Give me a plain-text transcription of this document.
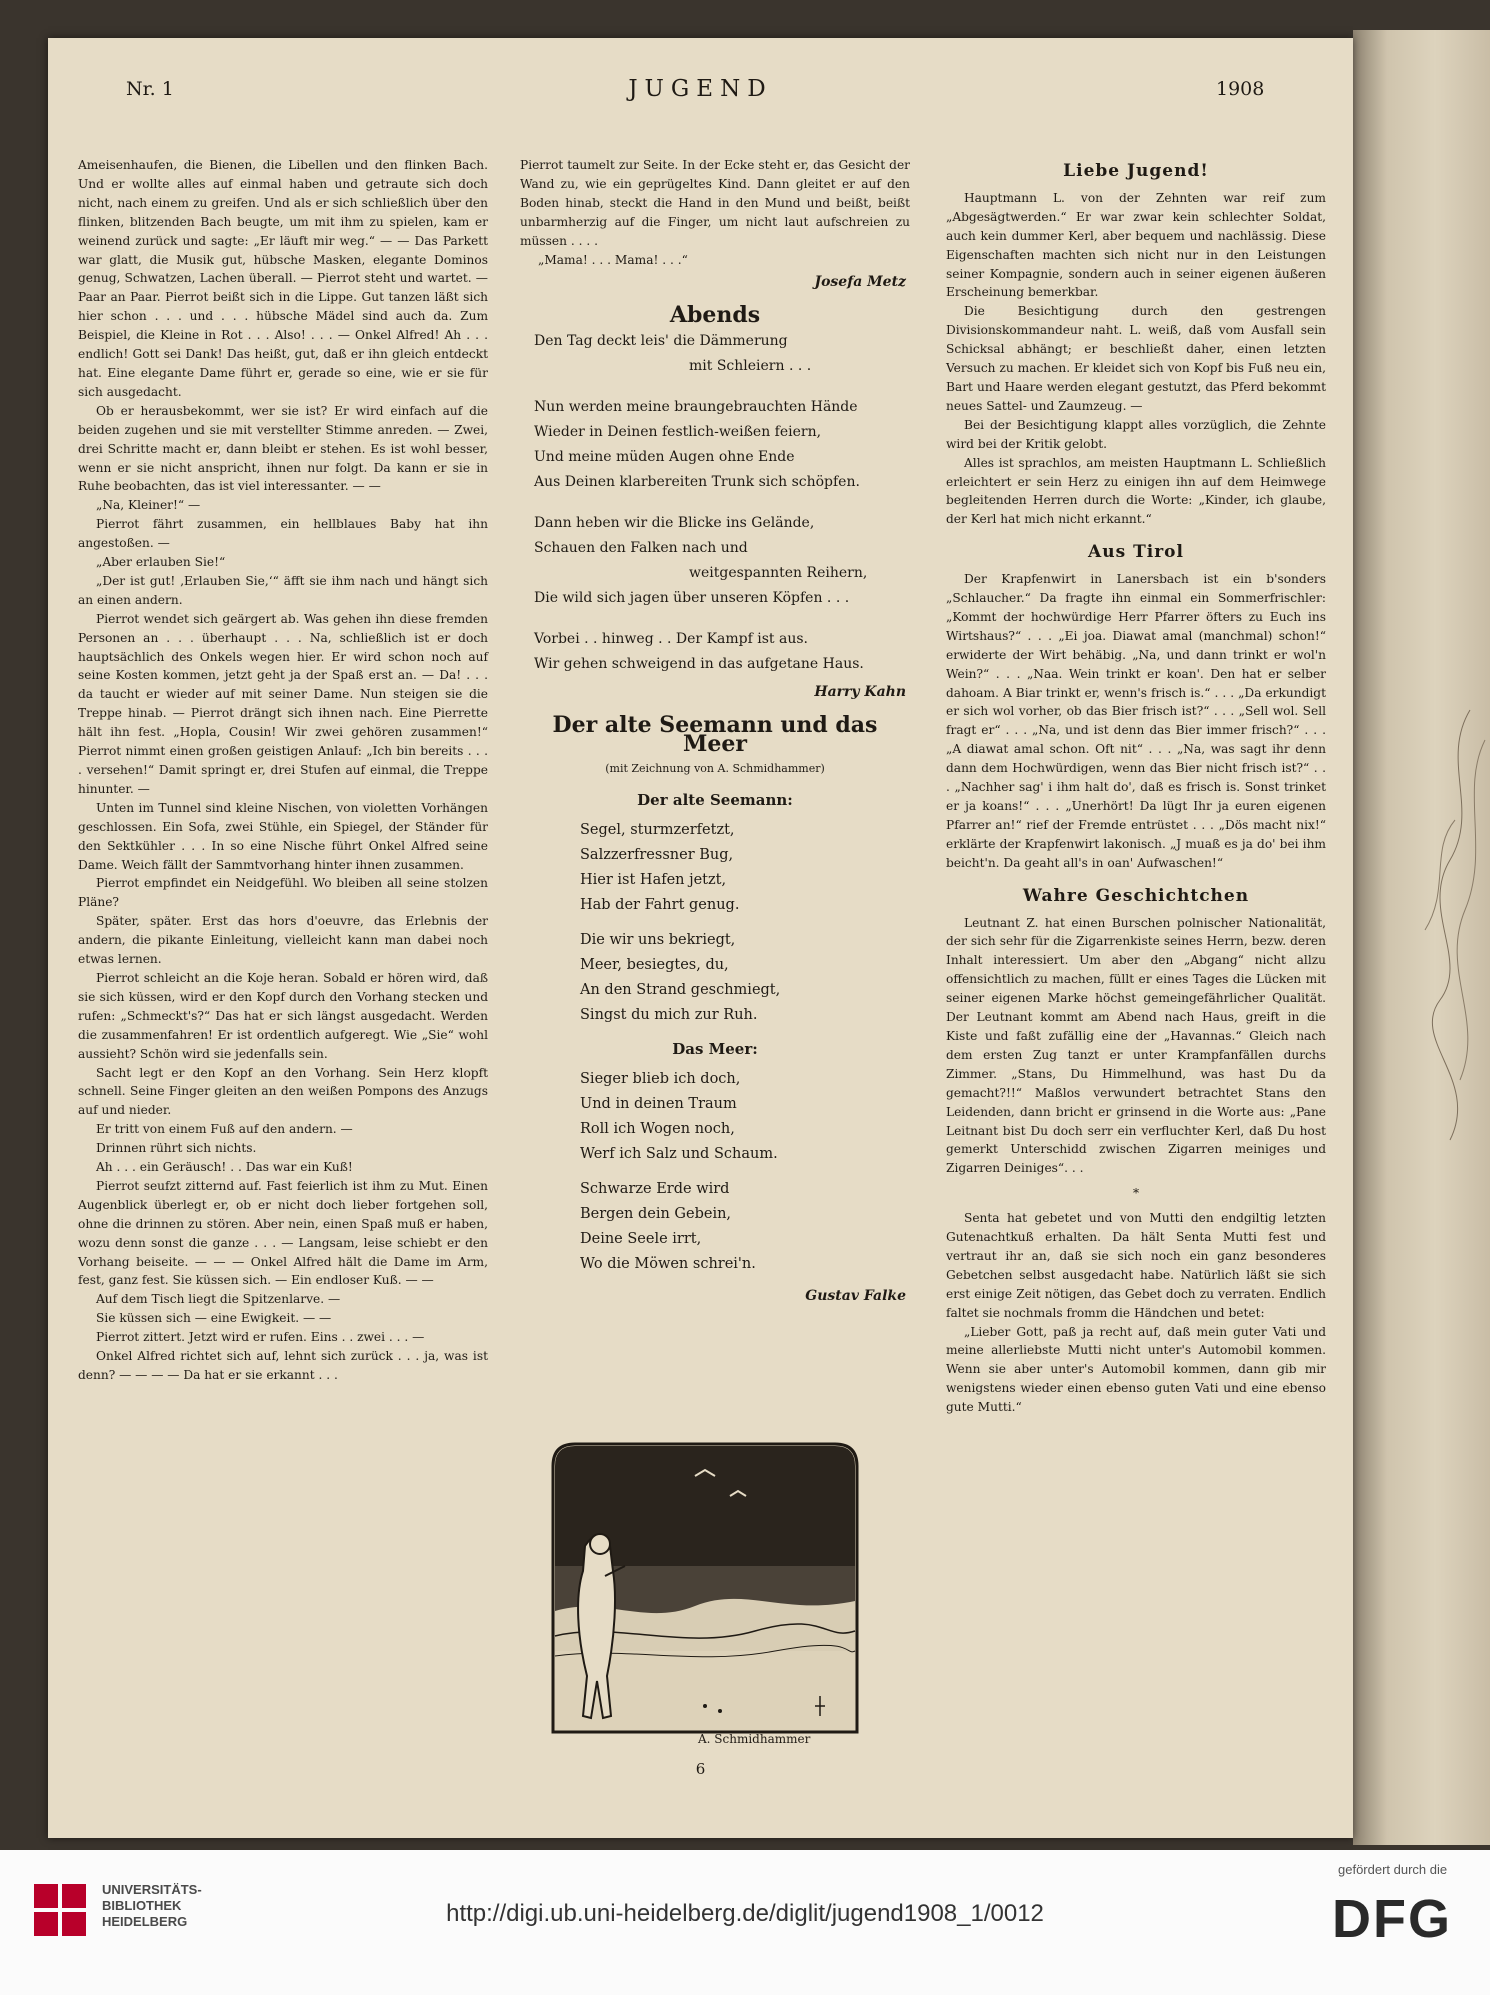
Nr. 1	JUGEND	1908

Ameisenhaufen, die Bienen, die Libellen und den flinken Bach. Und er wollte alles auf einmal haben und getraute sich doch nicht, nach einem zu greifen. Und als er sich schließlich über den flinken, blitzenden Bach beugte, um mit ihm zu spielen, kam er weinend zurück und sagte: „Er läuft mir weg.“ — — Das Parkett war glatt, die Musik gut, hübsche Masken, elegante Dominos genug, Schwatzen, Lachen überall. — Pierrot steht und wartet. — Paar an Paar. Pierrot beißt sich in die Lippe. Gut tanzen läßt sich hier schon . . . und . . . hübsche Mädel sind auch da. Zum Beispiel, die Kleine in Rot . . . Also! . . . — Onkel Alfred! Ah . . . endlich! Gott sei Dank! Das heißt, gut, daß er ihn gleich entdeckt hat. Eine elegante Dame führt er, gerade so eine, wie er sie für sich ausgedacht.

Ob er herausbekommt, wer sie ist? Er wird einfach auf die beiden zugehen und sie mit verstellter Stimme anreden. — Zwei, drei Schritte macht er, dann bleibt er stehen. Es ist wohl besser, wenn er sie nicht anspricht, ihnen nur folgt. Da kann er sie in Ruhe beobachten, das ist viel interessanter. — —

„Na, Kleiner!“ —

Pierrot fährt zusammen, ein hellblaues Baby hat ihn angestoßen. —

„Aber erlauben Sie!“

„Der ist gut! ‚Erlauben Sie,‘“ äfft sie ihm nach und hängt sich an einen andern.

Pierrot wendet sich geärgert ab. Was gehen ihn diese fremden Personen an . . . überhaupt . . . Na, schließlich ist er doch hauptsächlich des Onkels wegen hier. Er wird schon noch auf seine Kosten kommen, jetzt geht ja der Spaß erst an. — Da! . . . da taucht er wieder auf mit seiner Dame. Nun steigen sie die Treppe hinab. — Pierrot drängt sich ihnen nach. Eine Pierrette hält ihn fest. „Hopla, Cousin! Wir zwei gehören zusammen!“ Pierrot nimmt einen großen geistigen Anlauf: „Ich bin bereits . . . . versehen!“ Damit springt er, drei Stufen auf einmal, die Treppe hinunter. —

Unten im Tunnel sind kleine Nischen, von violetten Vorhängen geschlossen. Ein Sofa, zwei Stühle, ein Spiegel, der Ständer für den Sektkühler . . . In so eine Nische führt Onkel Alfred seine Dame. Weich fällt der Sammtvorhang hinter ihnen zusammen.

Pierrot empfindet ein Neidgefühl. Wo bleiben all seine stolzen Pläne?

Später, später. Erst das hors d'oeuvre, das Erlebnis der andern, die pikante Einleitung, vielleicht kann man dabei noch etwas lernen.

Pierrot schleicht an die Koje heran. Sobald er hören wird, daß sie sich küssen, wird er den Kopf durch den Vorhang stecken und rufen: „Schmeckt's?“ Das hat er sich längst ausgedacht. Werden die zusammenfahren! Er ist ordentlich aufgeregt. Wie „Sie“ wohl aussieht? Schön wird sie jedenfalls sein.

Sacht legt er den Kopf an den Vorhang. Sein Herz klopft schnell. Seine Finger gleiten an den weißen Pompons des Anzugs auf und nieder.

Er tritt von einem Fuß auf den andern. —

Drinnen rührt sich nichts.

Ah . . . ein Geräusch! . . Das war ein Kuß!

Pierrot seufzt zitternd auf. Fast feierlich ist ihm zu Mut. Einen Augenblick überlegt er, ob er nicht doch lieber fortgehen soll, ohne die drinnen zu stören. Aber nein, einen Spaß muß er haben, wozu denn sonst die ganze . . . — Langsam, leise schiebt er den Vorhang beiseite. — — — Onkel Alfred hält die Dame im Arm, fest, ganz fest. Sie küssen sich. — Ein endloser Kuß. — —

Auf dem Tisch liegt die Spitzenlarve. —

Sie küssen sich — eine Ewigkeit. — —

Pierrot zittert. Jetzt wird er rufen. Eins . . zwei . . . —

Onkel Alfred richtet sich auf, lehnt sich zurück . . . ja, was ist denn? — — — — Da hat er sie erkannt . . .

Pierrot taumelt zur Seite. In der Ecke steht er, das Gesicht der Wand zu, wie ein geprügeltes Kind. Dann gleitet er auf den Boden hinab, steckt die Hand in den Mund und beißt, beißt unbarmherzig auf die Finger, um nicht laut aufschreien zu müssen . . . .

„Mama! . . . Mama! . . .“

Josefa Metz
Abends
Den Tag deckt leis' die Dämmerung
mit Schleiern . . .
Nun werden meine braungebrauchten Hände
Wieder in Deinen festlich-weißen feiern,
Und meine müden Augen ohne Ende
Aus Deinen klarbereiten Trunk sich schöpfen.
Dann heben wir die Blicke ins Gelände,
Schauen den Falken nach und
weitgespannten Reihern,
Die wild sich jagen über unseren Köpfen . . .
Vorbei . . hinweg . . Der Kampf ist aus.
Wir gehen schweigend in das aufgetane Haus.
Harry Kahn
Der alte Seemann und das Meer
(mit Zeichnung von A. Schmidhammer)
Der alte Seemann:
Segel, sturmzerfetzt,
Salzzerfressner Bug,
Hier ist Hafen jetzt,
Hab der Fahrt genug.
Die wir uns bekriegt,
Meer, besiegtes, du,
An den Strand geschmiegt,
Singst du mich zur Ruh.
Das Meer:
Sieger blieb ich doch,
Und in deinen Traum
Roll ich Wogen noch,
Werf ich Salz und Schaum.
Schwarze Erde wird
Bergen dein Gebein,
Deine Seele irrt,
Wo die Möwen schrei'n.
Gustav Falke
A. Schmidhammer
Liebe Jugend!

Hauptmann L. von der Zehnten war reif zum „Abgesägtwerden.“ Er war zwar kein schlechter Soldat, auch kein dummer Kerl, aber bequem und nachlässig. Diese Eigenschaften machten sich nicht nur in den Leistungen seiner Kompagnie, sondern auch in seiner eigenen äußeren Erscheinung bemerkbar.

Die Besichtigung durch den gestrengen Divisionskommandeur naht. L. weiß, daß vom Ausfall sein Schicksal abhängt; er beschließt daher, einen letzten Versuch zu machen. Er kleidet sich von Kopf bis Fuß neu ein, Bart und Haare werden elegant gestutzt, das Pferd bekommt neues Sattel- und Zaumzeug. —

Bei der Besichtigung klappt alles vorzüglich, die Zehnte wird bei der Kritik gelobt.

Alles ist sprachlos, am meisten Hauptmann L. Schließlich erleichtert er sein Herz zu einigen ihn auf dem Heimwege begleitenden Herren durch die Worte: „Kinder, ich glaube, der Kerl hat mich nicht erkannt.“

Aus Tirol

Der Krapfenwirt in Lanersbach ist ein b'sonders „Schlaucher.“ Da fragte ihn einmal ein Sommerfrischler: „Kommt der hochwürdige Herr Pfarrer öfters zu Euch ins Wirtshaus?“ . . . „Ei joa. Diawat amal (manchmal) schon!“ erwiderte der Wirt behäbig. „Na, und dann trinkt er wol'n Wein?“ . . . „Naa. Wein trinkt er koan'. Den hat er selber dahoam. A Biar trinkt er, wenn's frisch is.“ . . . „Da erkundigt er sich wol vorher, ob das Bier frisch ist?“ . . . „Sell wol. Sell fragt er“ . . . „Na, und ist denn das Bier immer frisch?“ . . . „A diawat amal schon. Oft nit“ . . . „Na, was sagt ihr denn dann dem Hochwürdigen, wenn das Bier nicht frisch ist?“ . . . „Nachher sag' i ihm halt do', daß es frisch is. Sonst trinket er ja koans!“ . . . „Unerhört! Da lügt Ihr ja euren eigenen Pfarrer an!“ rief der Fremde entrüstet . . . „Dös macht nix!“ erklärte der Krapfenwirt lakonisch. „J muaß es ja do' bei ihm beicht'n. Da geaht all's in oan' Aufwaschen!“

Wahre Geschichtchen

Leutnant Z. hat einen Burschen polnischer Nationalität, der sich sehr für die Zigarrenkiste seines Herrn, bezw. deren Inhalt interessiert. Um aber den „Abgang“ nicht allzu offensichtlich zu machen, füllt er eines Tages die Lücken mit seiner eigenen Marke höchst gemeingefährlicher Qualität. Der Leutnant kommt am Abend nach Haus, greift in die Kiste und faßt zufällig eine der „Havannas.“ Gleich nach dem ersten Zug tanzt er unter Krampfanfällen durchs Zimmer. „Stans, Du Himmelhund, was hast Du da gemacht?!!“ Maßlos verwundert betrachtet Stans den Leidenden, dann bricht er grinsend in die Worte aus: „Pane Leitnant bist Du doch serr ein verfluchter Kerl, daß Du host gemerkt Unterschidd zwischen Zigarren meiniges und Zigarren Deiniges“. . .

*

Senta hat gebetet und von Mutti den endgiltig letzten Gutenachtkuß erhalten. Da hält Senta Mutti fest und vertraut ihr an, daß sie sich noch ein ganz besonderes Gebetchen selbst ausgedacht habe. Natürlich läßt sie sich erst einige Zeit nötigen, das Gebet doch zu verraten. Endlich faltet sie nochmals fromm die Händchen und betet:

„Lieber Gott, paß ja recht auf, daß mein guter Vati und meine allerliebste Mutti nicht unter's Automobil kommen. Wenn sie aber unter's Automobil kommen, dann gib mir wenigstens wieder einen ebenso guten Vati und eine ebenso gute Mutti.“

6
UNIVERSITÄTS-
BIBLIOTHEK
HEIDELBERG	http://digi.ub.uni-heidelberg.de/diglit/jugend1908_1/0012
gefördert durch die
DFG
